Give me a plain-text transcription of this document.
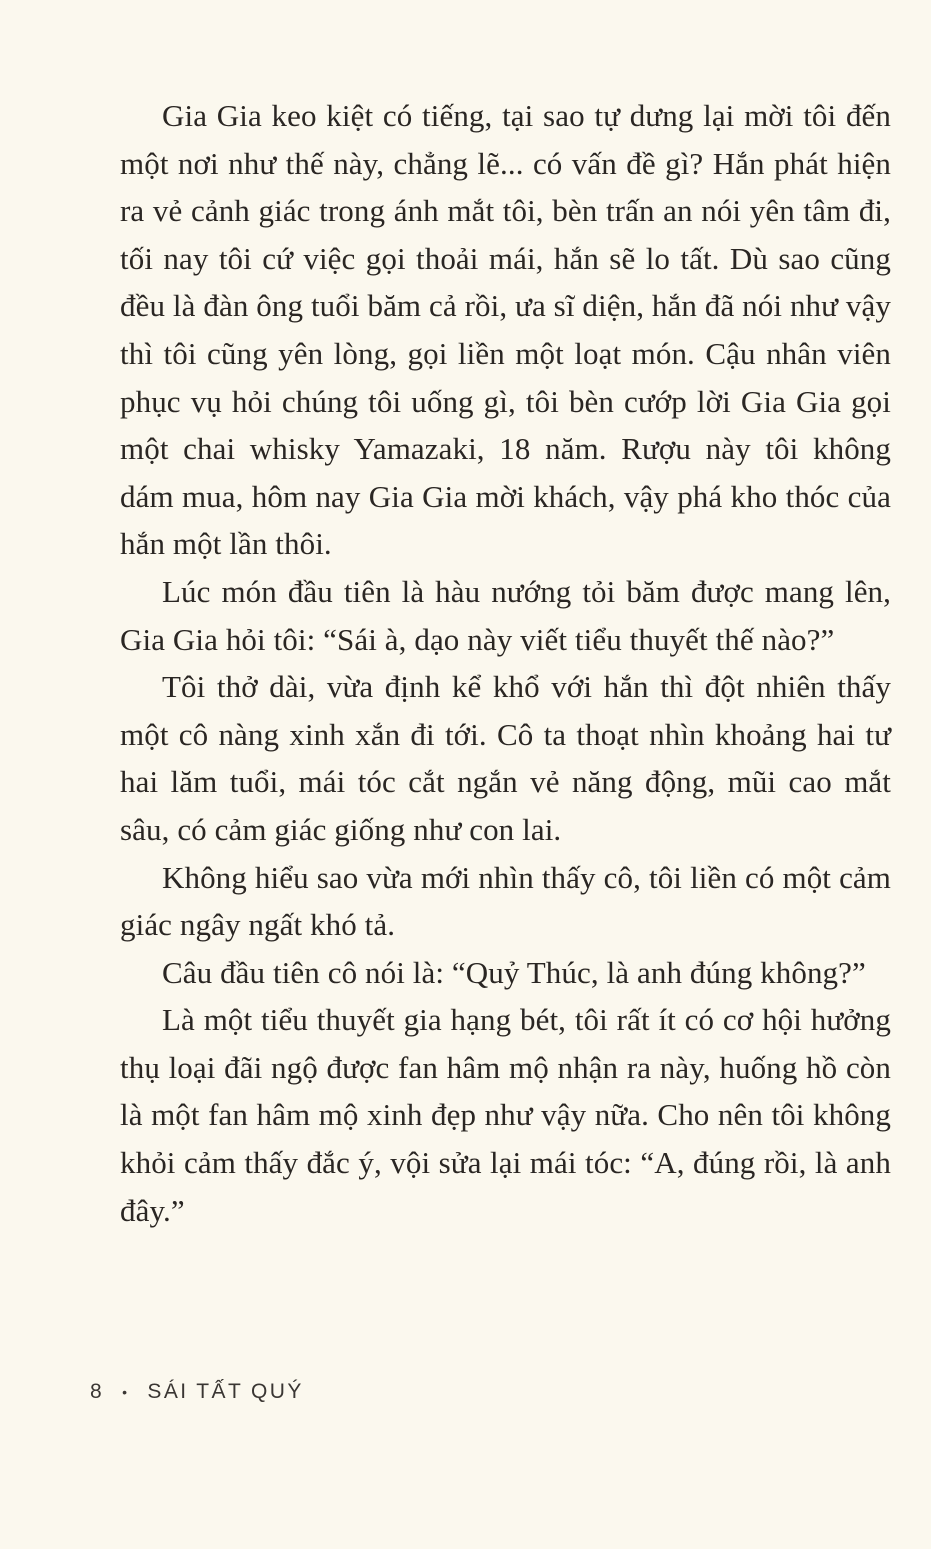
Gia Gia keo kiệt có tiếng, tại sao tự dưng lại mời tôi đến một nơi như thế này, chẳng lẽ... có vấn đề gì? Hắn phát hiện ra vẻ cảnh giác trong ánh mắt tôi, bèn trấn an nói yên tâm đi, tối nay tôi cứ việc gọi thoải mái, hắn sẽ lo tất. Dù sao cũng đều là đàn ông tuổi băm cả rồi, ưa sĩ diện, hắn đã nói như vậy thì tôi cũng yên lòng, gọi liền một loạt món. Cậu nhân viên phục vụ hỏi chúng tôi uống gì, tôi bèn cướp lời Gia Gia gọi một chai whisky Yamazaki, 18 năm. Rượu này tôi không dám mua, hôm nay Gia Gia mời khách, vậy phá kho thóc của hắn một lần thôi.

Lúc món đầu tiên là hàu nướng tỏi băm được mang lên, Gia Gia hỏi tôi: “Sái à, dạo này viết tiểu thuyết thế nào?”

Tôi thở dài, vừa định kể khổ với hắn thì đột nhiên thấy một cô nàng xinh xắn đi tới. Cô ta thoạt nhìn khoảng hai tư hai lăm tuổi, mái tóc cắt ngắn vẻ năng động, mũi cao mắt sâu, có cảm giác giống như con lai.

Không hiểu sao vừa mới nhìn thấy cô, tôi liền có một cảm giác ngây ngất khó tả.

Câu đầu tiên cô nói là: “Quỷ Thúc, là anh đúng không?”

Là một tiểu thuyết gia hạng bét, tôi rất ít có cơ hội hưởng thụ loại đãi ngộ được fan hâm mộ nhận ra này, huống hồ còn là một fan hâm mộ xinh đẹp như vậy nữa. Cho nên tôi không khỏi cảm thấy đắc ý, vội sửa lại mái tóc: “A, đúng rồi, là anh đây.”

8 • SÁI TẤT QUÝ
